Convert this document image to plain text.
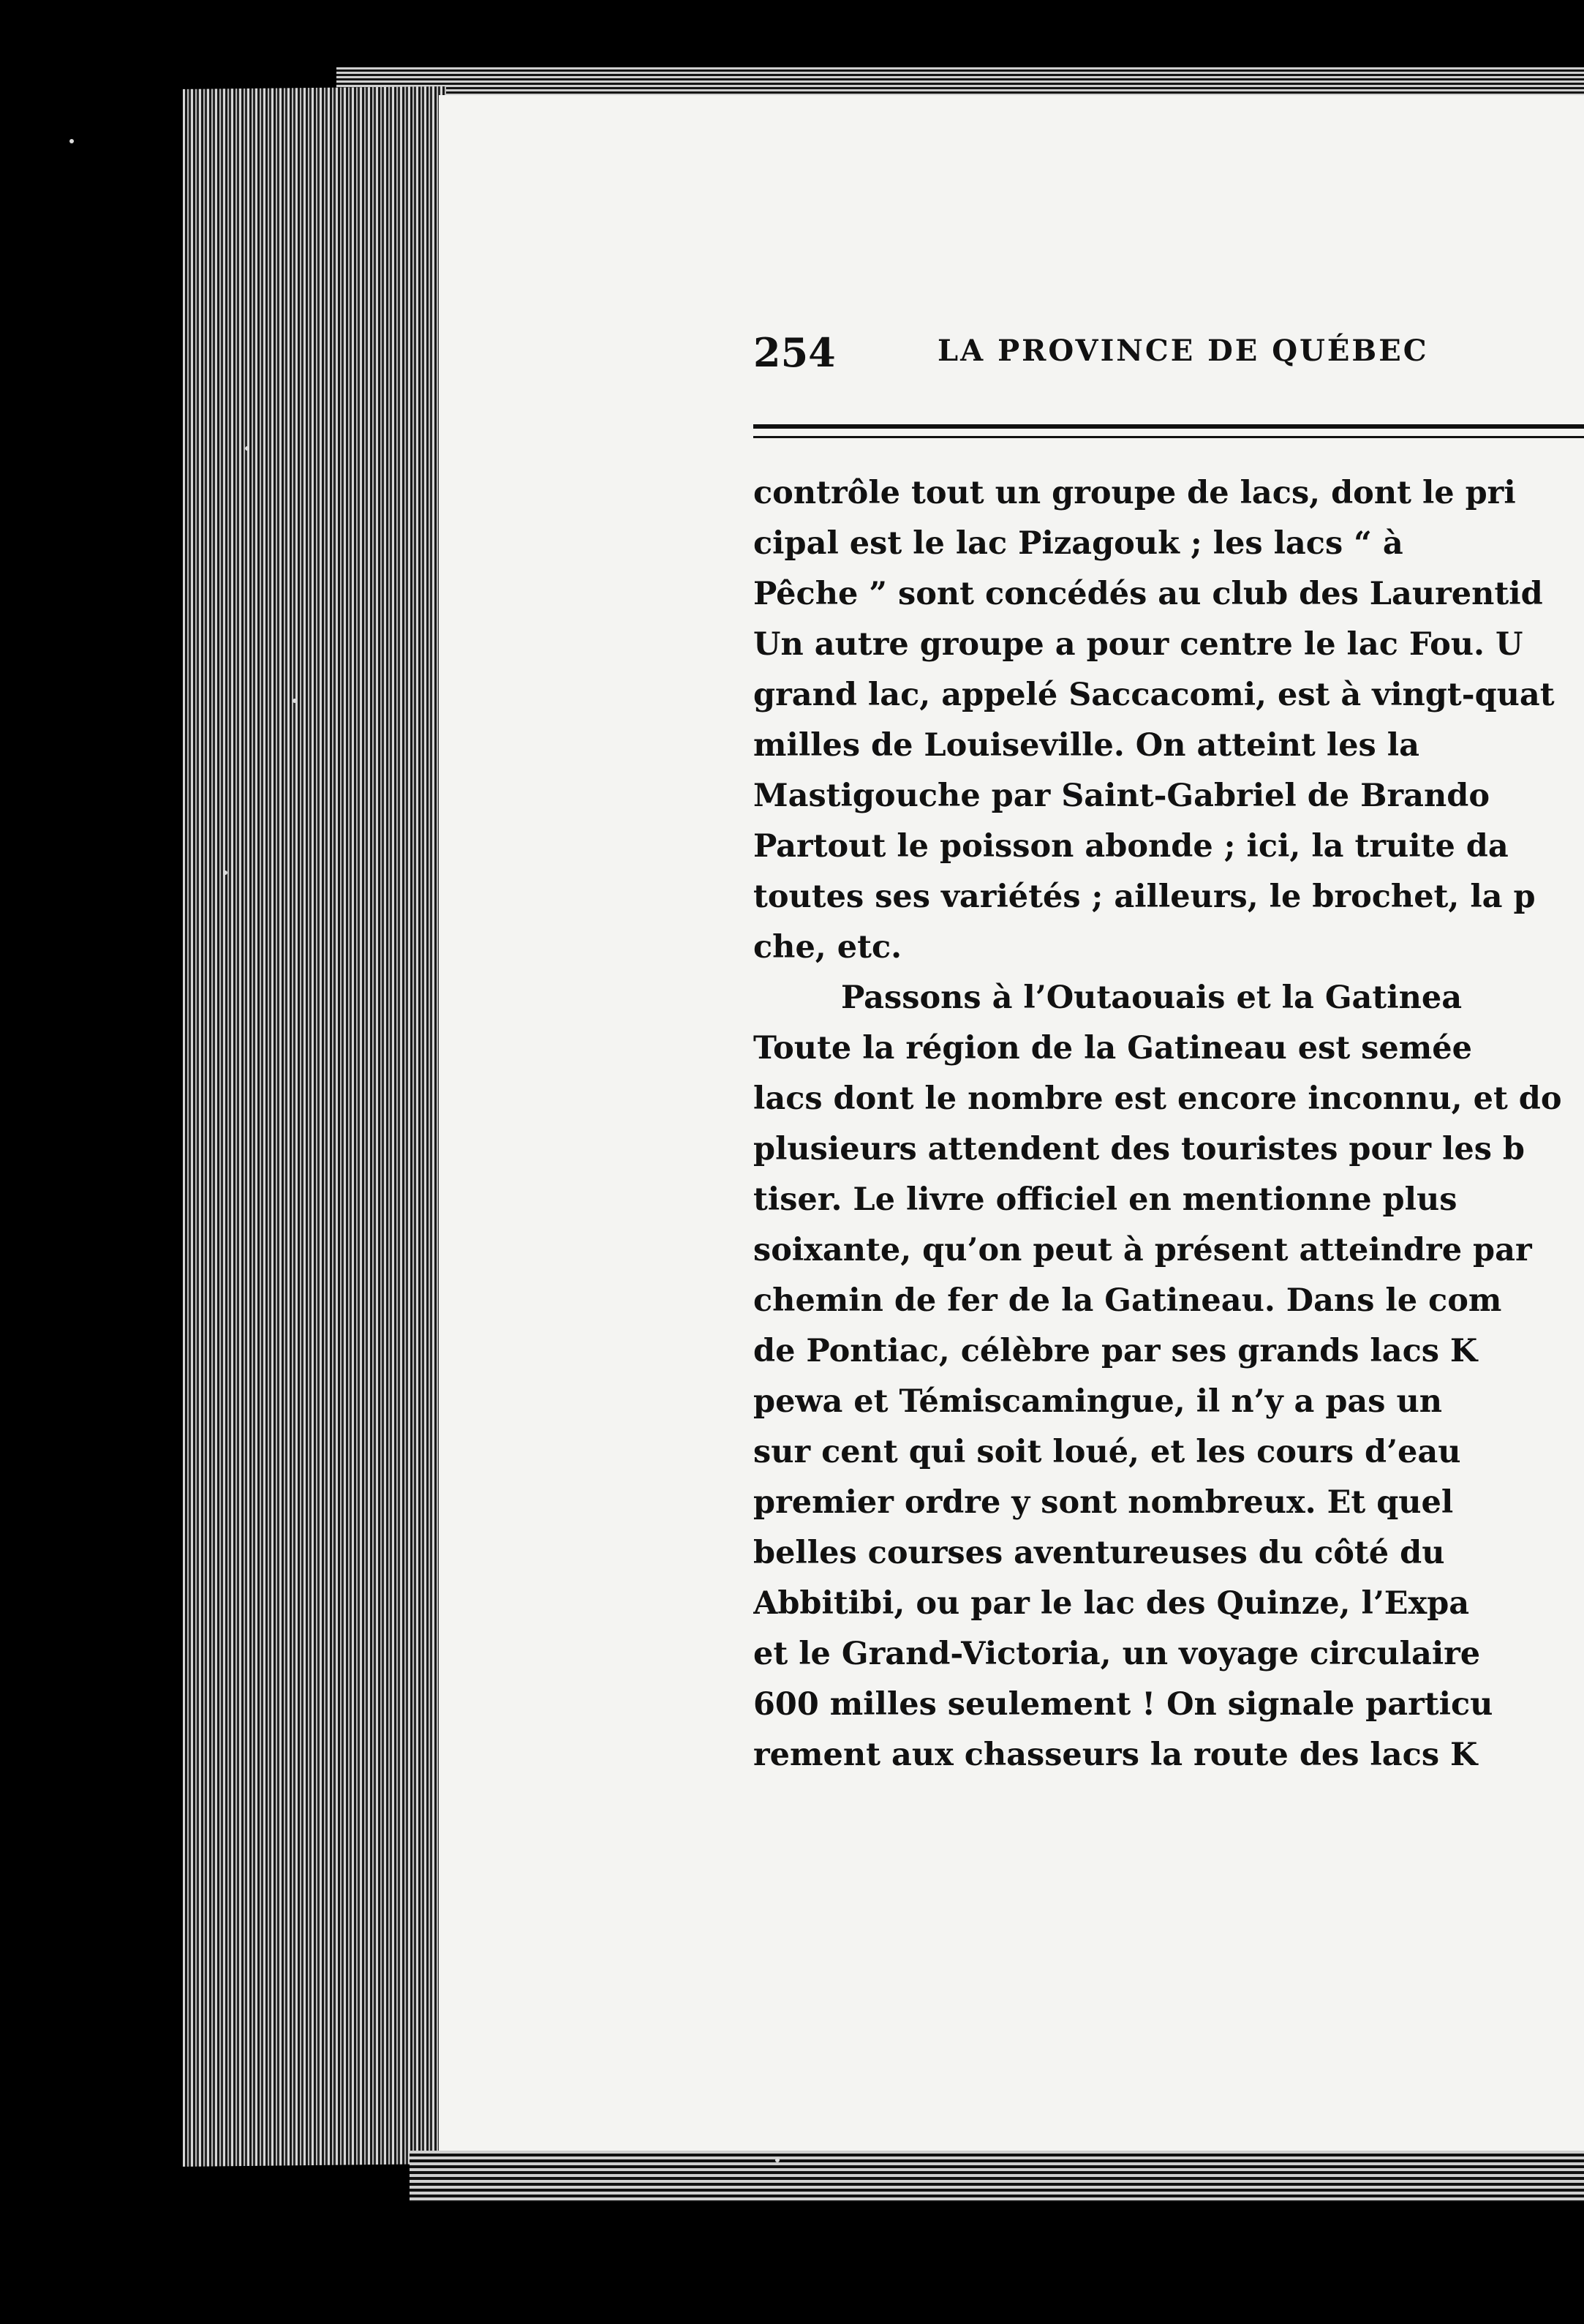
254	LA PROVINCE DE QUÉBEC
contrôle tout un groupe de lacs, dont le pri
cipal est le lac Pizagouk ; les lacs “ à
Pêche ” sont concédés au club des Laurentid
Un autre groupe a pour centre le lac Fou. U
grand lac, appelé Saccacomi, est à vingt-quat
milles de Louiseville. On atteint les la
Mastigouche par Saint-Gabriel de Brando
Partout le poisson abonde ; ici, la truite da
toutes ses variétés ; ailleurs, le brochet, la p
che, etc.
Passons à l’Outaouais et la Gatinea
Toute la région de la Gatineau est semée
lacs dont le nombre est encore inconnu, et do
plusieurs attendent des touristes pour les b
tiser. Le livre officiel en mentionne plus
soixante, qu’on peut à présent atteindre par
chemin de fer de la Gatineau. Dans le com
de Pontiac, célèbre par ses grands lacs K
pewa et Témiscamingue, il n’y a pas un
sur cent qui soit loué, et les cours d’eau
premier ordre y sont nombreux. Et quel
belles courses aventureuses du côté du
Abbitibi, ou par le lac des Quinze, l’Expa
et le Grand-Victoria, un voyage circulaire
600 milles seulement ! On signale particu
rement aux chasseurs la route des lacs K
